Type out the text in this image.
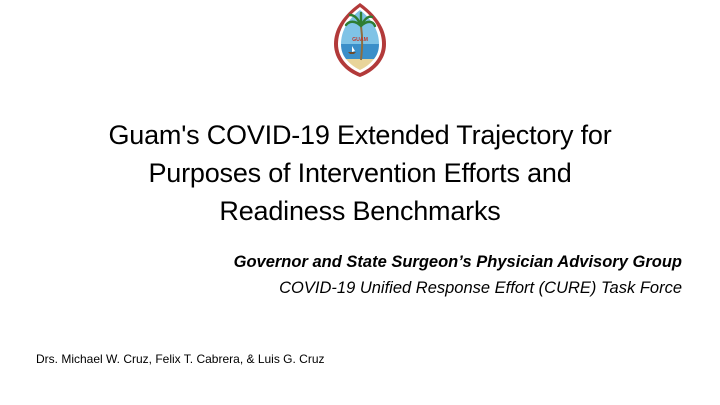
GUAM
Guam's COVID-19 Extended Trajectory for
Purposes of Intervention Efforts and
Readiness Benchmarks
Governor and State Surgeon’s Physician Advisory Group
COVID-19 Unified Response Effort (CURE) Task Force
Drs. Michael W. Cruz, Felix T. Cabrera, & Luis G. Cruz
